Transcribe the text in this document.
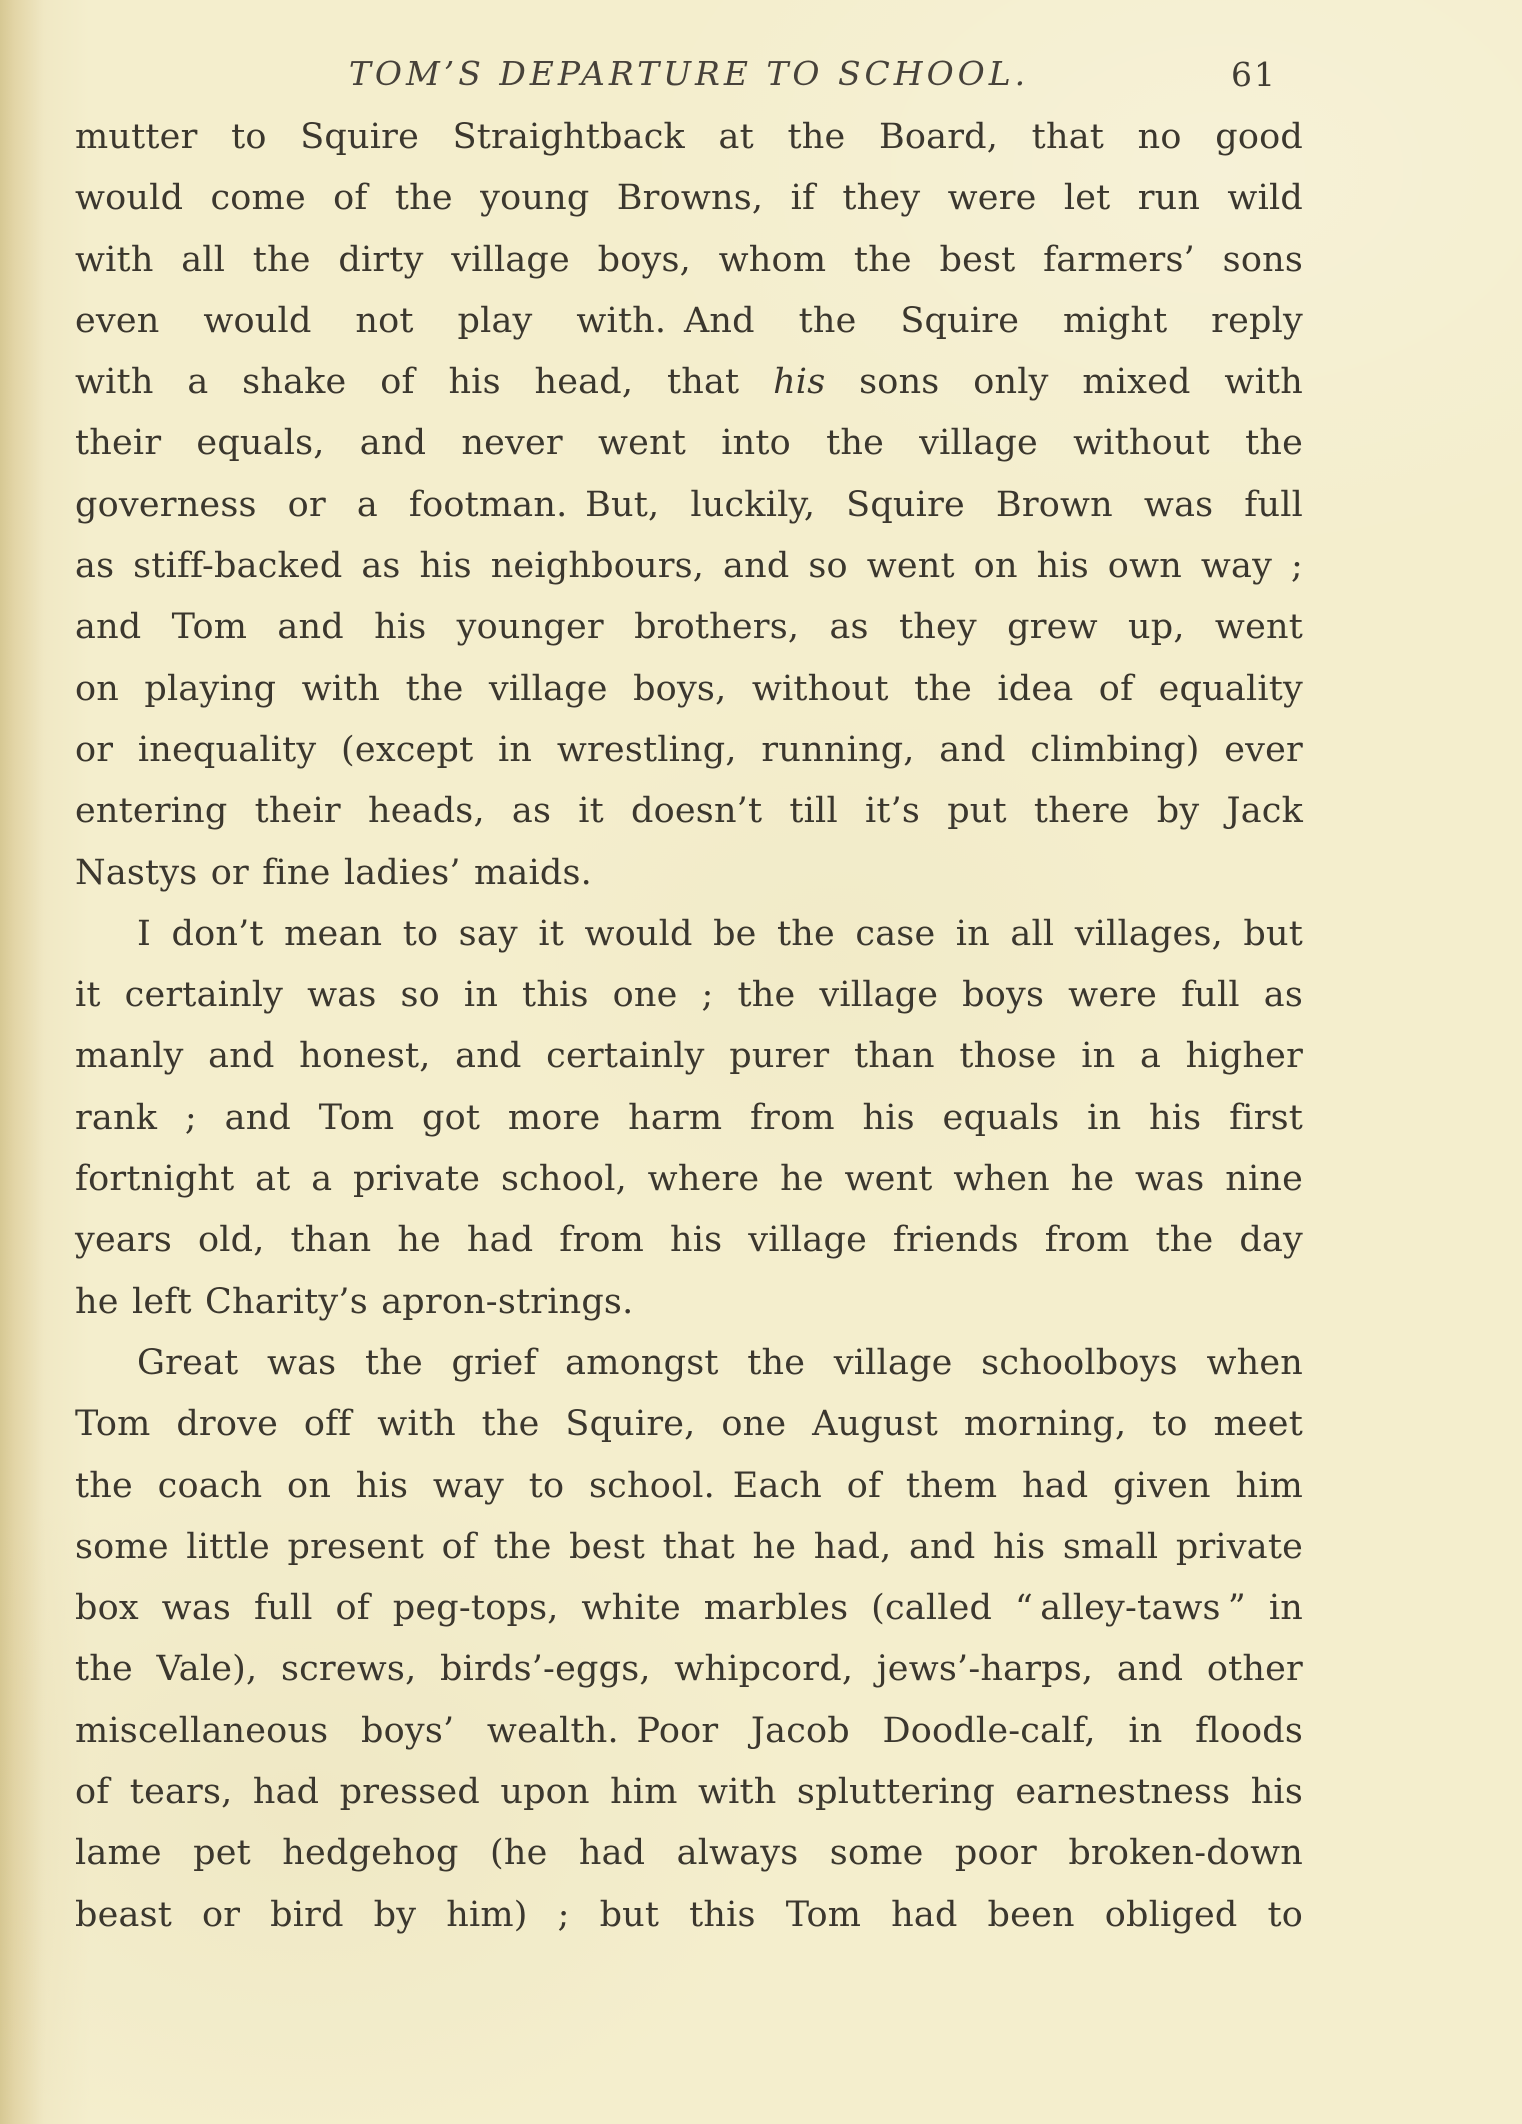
TOM’S DEPARTURE TO SCHOOL.	61
mutter to Squire Straightback at the Board, that no good
would come of the young Browns, if they were let run wild
with all the dirty village boys, whom the best farmers’ sons
even would not play with. And the Squire might reply
with a shake of his head, that his sons only mixed with
their equals, and never went into the village without the
governess or a footman. But, luckily, Squire Brown was full
as stiff-backed as his neighbours, and so went on his own way ;
and Tom and his younger brothers, as they grew up, went
on playing with the village boys, without the idea of equality
or inequality (except in wrestling, running, and climbing) ever
entering their heads, as it doesn’t till it’s put there by Jack
Nastys or fine ladies’ maids.
I don’t mean to say it would be the case in all villages, but
it certainly was so in this one ; the village boys were full as
manly and honest, and certainly purer than those in a higher
rank ; and Tom got more harm from his equals in his first
fortnight at a private school, where he went when he was nine
years old, than he had from his village friends from the day
he left Charity’s apron-strings.
Great was the grief amongst the village schoolboys when
Tom drove off with the Squire, one August morning, to meet
the coach on his way to school. Each of them had given him
some little present of the best that he had, and his small private
box was full of peg-tops, white marbles (called “ alley-taws ” in
the Vale), screws, birds’-eggs, whipcord, jews’-harps, and other
miscellaneous boys’ wealth. Poor Jacob Doodle-calf, in floods
of tears, had pressed upon him with spluttering earnestness his
lame pet hedgehog (he had always some poor broken-down
beast or bird by him) ; but this Tom had been obliged to
